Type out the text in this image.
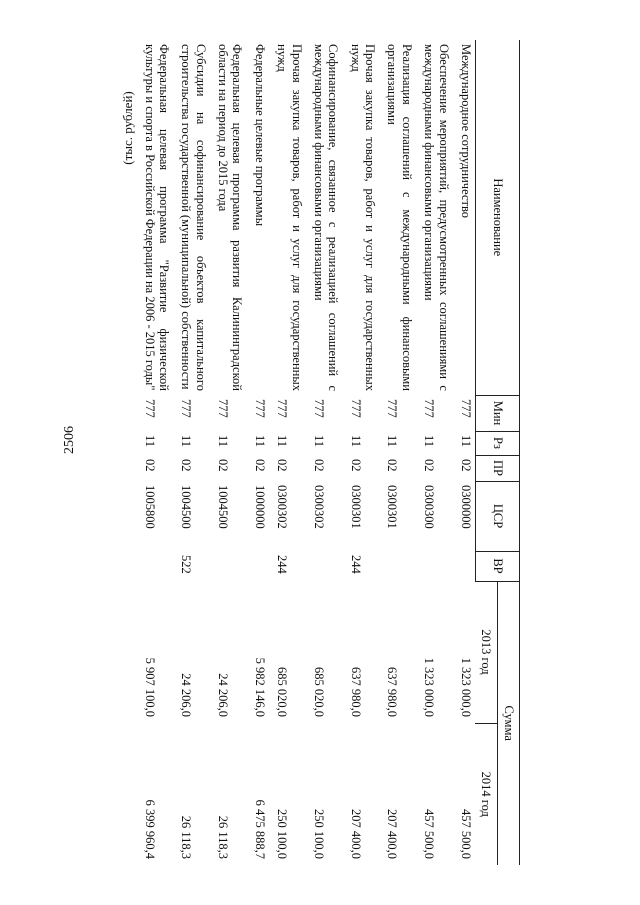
2506
(тыс. рублей)
Наименование	Мин	Рз	ПР	ЦСР	ВР	Сумма	
						2013 год	2014 год
Международное сотрудничество	777	11	02	0300000		1 323 000,0	457 500,0
Обеспечение мероприятий, предусмотренных соглашениями с международными финансовыми организациями	777	11	02	0300300		1 323 000,0	457 500,0
Реализация соглашений с международными финансовыми организациями	777	11	02	0300301		637 980,0	207 400,0
Прочая закупка товаров, работ и услуг для государственных нужд	777	11	02	0300301	244	637 980,0	207 400,0
Софинансирование, связанное с реализацией соглашений с международными финансовыми организациями	777	11	02	0300302		685 020,0	250 100,0
Прочая закупка товаров, работ и услуг для государственных нужд	777	11	02	0300302	244	685 020,0	250 100,0
Федеральные целевые программы	777	11	02	1000000		5 982 146,0	6 475 888,7
Федеральная целевая программа развития Калининградской области на период до 2015 года	777	11	02	1004500		24 206,0	26 118,3
Субсидии на софинансирование объектов капитального строительства государственной (муниципальной) собственности	777	11	02	1004500	522	24 206,0	26 118,3
Федеральная целевая программа "Развитие физической культуры и спорта в Российской Федерации на 2006 - 2015 годы"	777	11	02	1005800		5 907 100,0	6 399 960,4
